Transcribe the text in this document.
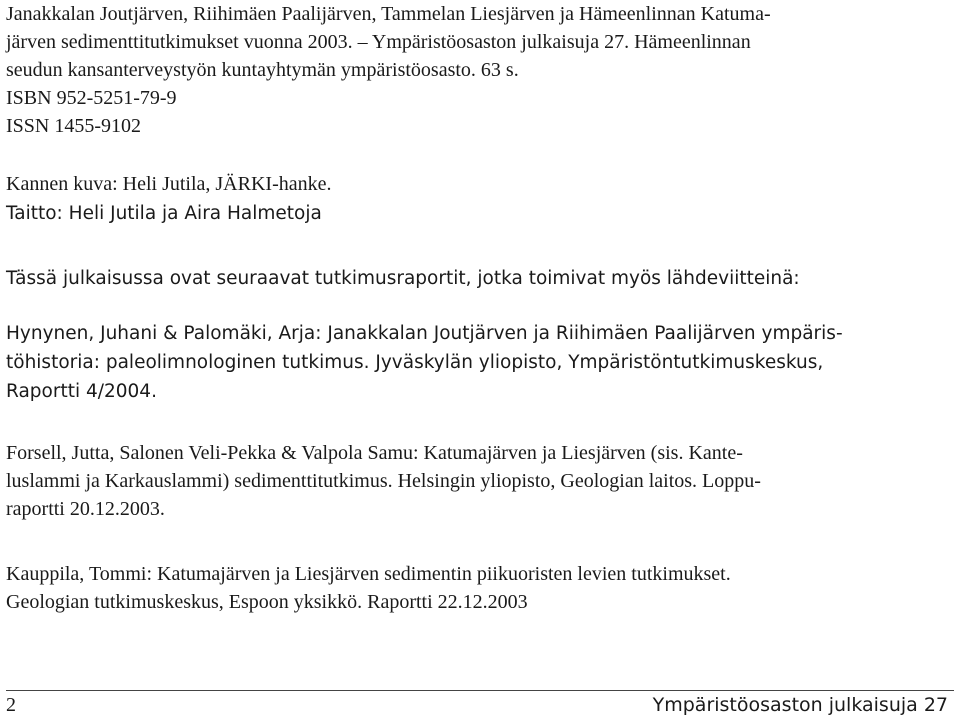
Janakkalan Joutjärven, Riihimäen Paalijärven, Tammelan Liesjärven ja Hämeenlinnan Katuma-
järven sedimenttitutkimukset vuonna 2003. – Ympäristöosaston julkaisuja 27. Hämeenlinnan
seudun kansanterveystyön kuntayhtymän ympäristöosasto. 63 s.
ISBN 952-5251-79-9
ISSN 1455-9102
Kannen kuva: Heli Jutila, JÄRKI-hanke.
Taitto: Heli Jutila ja Aira Halmetoja
Tässä julkaisussa ovat seuraavat tutkimusraportit, jotka toimivat myös lähdeviitteinä:
Hynynen, Juhani & Palomäki, Arja: Janakkalan Joutjärven ja Riihimäen Paalijärven ympäris-
töhistoria: paleolimnologinen tutkimus. Jyväskylän yliopisto, Ympäristöntutkimuskeskus,
Raportti 4/2004.
Forsell, Jutta, Salonen Veli-Pekka & Valpola Samu: Katumajärven ja Liesjärven (sis. Kante-
luslammi ja Karkauslammi) sedimenttitutkimus. Helsingin yliopisto, Geologian laitos. Loppu-
raportti 20.12.2003.
Kauppila, Tommi: Katumajärven ja Liesjärven sedimentin piikuoristen levien tutkimukset.
Geologian tutkimuskeskus, Espoon yksikkö. Raportti 22.12.2003
2	Ympäristöosaston julkaisuja 27
